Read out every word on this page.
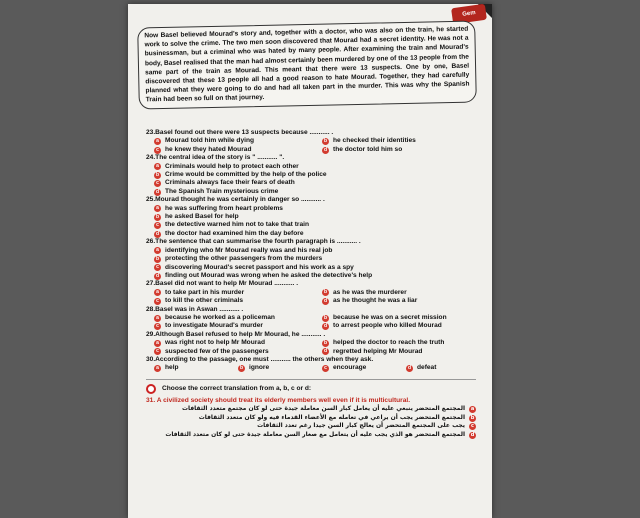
Gem
Now Basel believed Mourad's story and, together with a doctor, who was also on the train, he started work to solve the crime. The two men soon discovered that Mourad had a secret identity. He was not a businessman, but a criminal who was hated by many people. After examining the train and Mourad's body, Basel realised that the man had almost certainly been murdered by one of the 13 people from the same part of the train as Mourad. This meant that there were 13 suspects. One by one, Basel discovered that these 13 people all had a good reason to hate Mourad. Together, they had carefully planned what they were going to do and had all taken part in the murder. This was why the Spanish Train had been so full on that journey.

23.Basel found out there were 13 suspects because ........... .

a Mourad told him while dying	b he checked their identities
c he knew they hated Mourad	d the doctor told him so

24.The central idea of the story is " ........... ".

a Criminals would help to protect each other
b Crime would be committed by the help of the police
c Criminals always face their fears of death
d The Spanish Train mysterious crime

25.Mourad thought he was certainly in danger so ........... .

a he was suffering from heart problems
b he asked Basel for help
c the detective warned him not to take that train
d the doctor had examined him the day before

26.The sentence that can summarise the fourth paragraph is ........... .

a identifying who Mr Mourad really was and his real job
b protecting the other passengers from the murders
c discovering Mourad's secret passport and his work as a spy
d finding out Mourad was wrong when he asked the detective's help

27.Basel did not want to help Mr Mourad ........... .

a to take part in his murder	b as he was the murderer
c to kill the other criminals	d as he thought he was a liar

28.Basel was in Aswan ........... .

a because he worked as a policeman	b because he was on a secret mission
c to investigate Mourad's murder	d to arrest people who killed Mourad

29.Although Basel refused to help Mr Mourad, he ........... .

a was right not to help Mr Mourad	b helped the doctor to reach the truth
c suspected few of the passengers	d regretted helping Mr Mourad

30.According to the passage, one must ........... the others when they ask.

a help	b ignore	c encourage	d defeat
Choose the correct translation from a, b, c or d:

31. A civilized society should treat its elderly members well even if it is multicultural.

a
المجتمع المتحضر ينبغي عليه أن يعامل كبار السن معاملة جيدة حتى لو كان مجتمع متعدد الثقافات
b
المجتمع المتحضر يجب أن يراعي في تعامله مع الأعضاء القدماء فيه ولو كان متعدد الثقافات
c
يجب على المجتمع المتحضر أن يعالج كبار السن جيدا رغم تعدد الثقافات
d
المجتمع المتحضر هو الذي يجب عليه أن يتعامل مع صغار السن معاملة جيدة حتى لو كان متعدد الثقافات
